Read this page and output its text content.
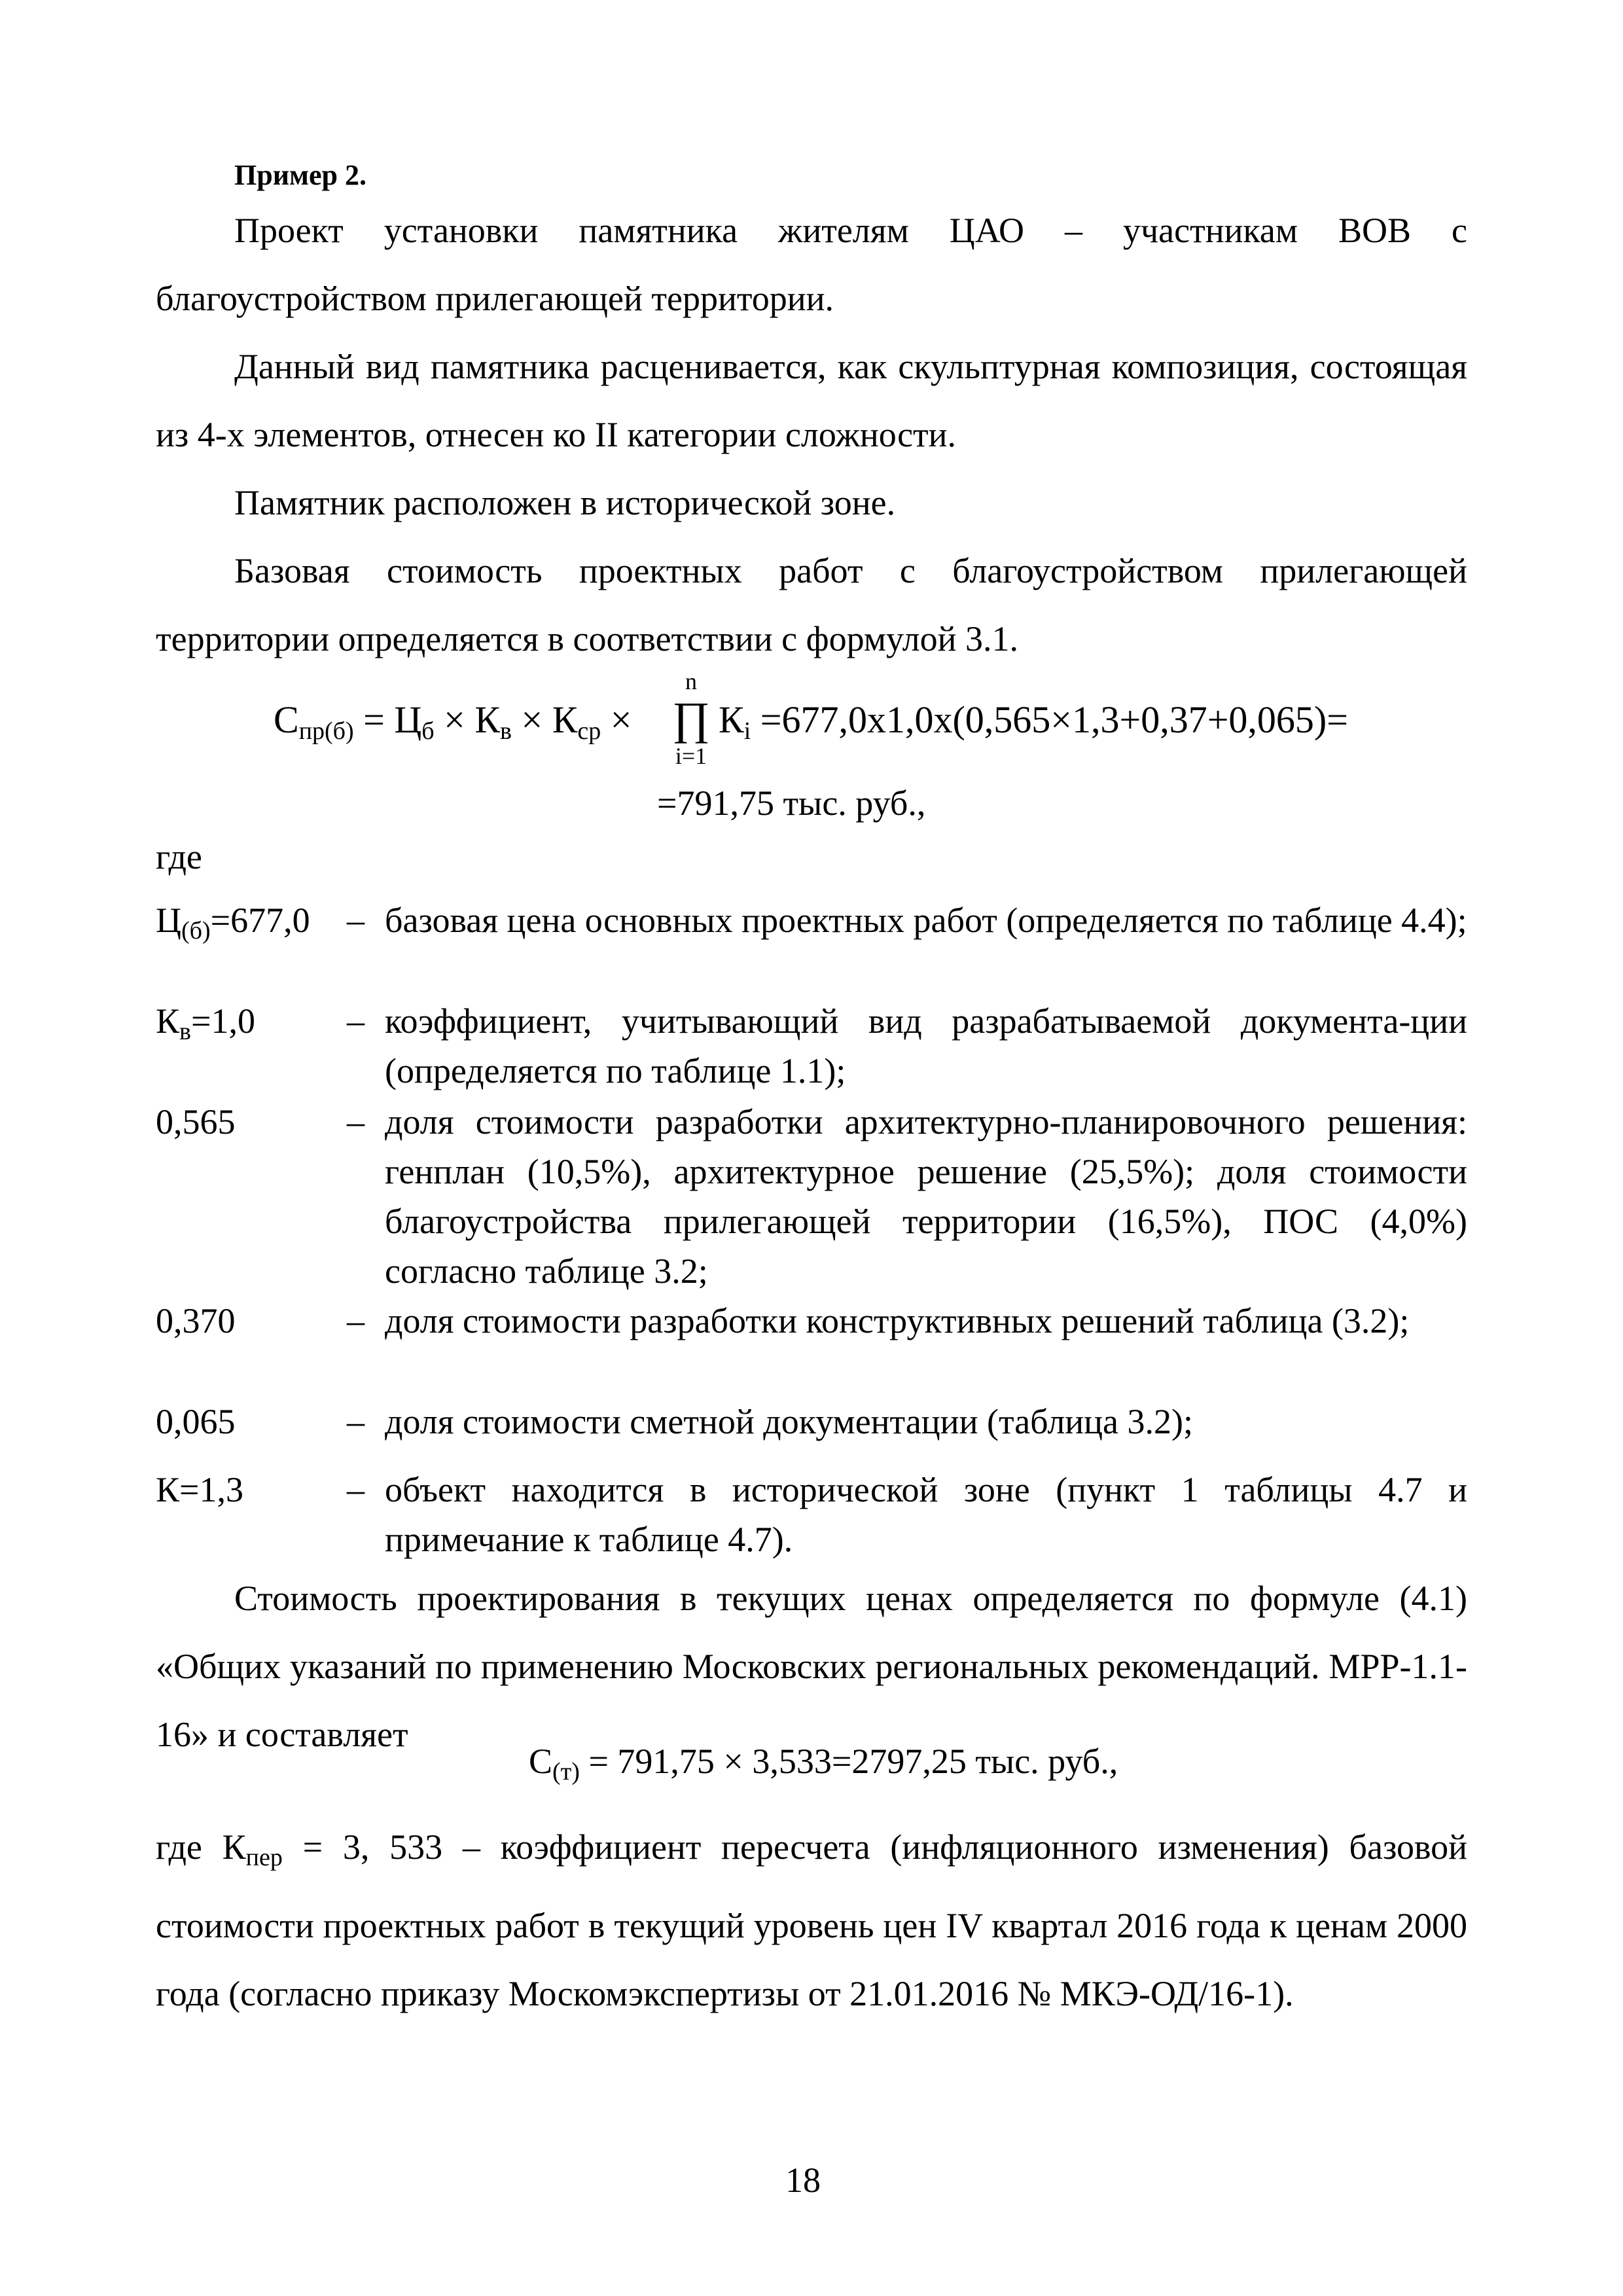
Пример 2.

Проект установки памятника жителям ЦАО – участникам ВОВ с благоустройством прилегающей территории.

Данный вид памятника расценивается, как скульптурная композиция, состоящая из 4-х элементов, отнесен ко II категории сложности.

Памятник расположен в исторической зоне.

Базовая стоимость проектных работ с благоустройством прилегающей территории определяется в соответствии с формулой 3.1.

$С_{пр(б)} = Ц_б \times К_в \times К_{ср}$ ×
n
∏
i=1
$К_i =677,0х1,0х(0,565\times 1,3+0,37+0,065)=$
=791,75 тыс. руб.,
где
$Ц_{(б)}=677,0$	– базовая цена основных проектных работ (определяется по таблице 4.4);
$К_в=1,0$	– коэффициент, учитывающий вид разрабатываемой документа-ции (определяется по таблице 1.1);
0,565	– доля стоимости разработки архитектурно-планировочного решения: генплан (10,5%), архитектурное решение (25,5%); доля стоимости благоустройства прилегающей территории (16,5%), ПОС (4,0%) согласно таблице 3.2;
0,370	– доля стоимости разработки конструктивных решений таблица (3.2);
0,065	– доля стоимости сметной документации (таблица 3.2);
К=1,3	– объект находится в исторической зоне (пункт 1 таблицы 4.7 и примечание к таблице 4.7).

Стоимость проектирования в текущих ценах определяется по формуле (4.1) «Общих указаний по применению Московских региональных рекомендаций. МРР-1.1-16» и составляет

$С_{(т)} = 791,75 \times 3,533=2797,25$ тыс. руб.,

где $К_{пер} = 3$, 533 – коэффициент пересчета (инфляционного изменения) базовой стоимости проектных работ в текущий уровень цен IV квартал 2016 года к ценам 2000 года (согласно приказу Москомэкспертизы от 21.01.2016 № МКЭ-ОД/16-1).

18
